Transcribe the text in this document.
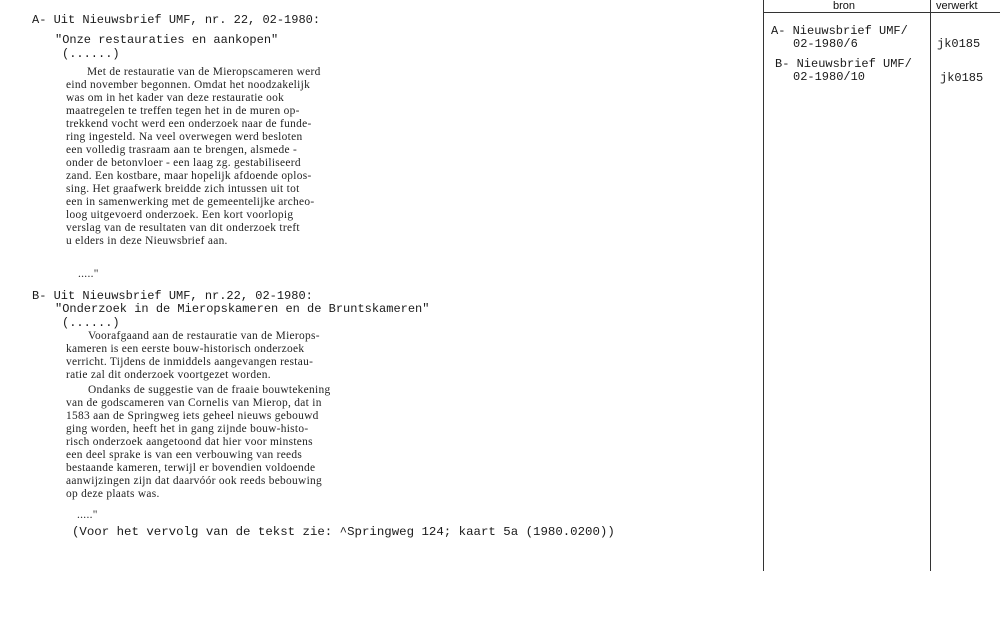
bron	verwerkt
A- Nieuwsbrief UMF/
02-1980/6	jk0185
B- Nieuwsbrief UMF/
02-1980/10	jk0185
A- Uit Nieuwsbrief UMF, nr. 22, 02-1980:
"Onze restauraties en aankopen"
(......)
Met de restauratie van de Mieropscameren werd
eind november begonnen. Omdat het noodzakelijk
was om in het kader van deze restauratie ook
maatregelen te treffen tegen het in de muren op-
trekkend vocht werd een onderzoek naar de funde-
ring ingesteld. Na veel overwegen werd besloten
een volledig trasraam aan te brengen, alsmede -
onder de betonvloer - een laag zg. gestabiliseerd
zand. Een kostbare, maar hopelijk afdoende oplos-
sing. Het graafwerk breidde zich intussen uit tot
een in samenwerking met de gemeentelijke archeo-
loog uitgevoerd onderzoek. Een kort voorlopig
verslag van de resultaten van dit onderzoek treft
u elders in deze Nieuwsbrief aan.
....."
B- Uit Nieuwsbrief UMF, nr.22, 02-1980:
"Onderzoek in de Mieropskameren en de Bruntskameren"
(......)
Voorafgaand aan de restauratie van de Mierops-
kameren is een eerste bouw-historisch onderzoek
verricht. Tijdens de inmiddels aangevangen restau-
ratie zal dit onderzoek voortgezet worden.
Ondanks de suggestie van de fraaie bouwtekening
van de godscameren van Cornelis van Mierop, dat in
1583 aan de Springweg iets geheel nieuws gebouwd
ging worden, heeft het in gang zijnde bouw-histo-
risch onderzoek aangetoond dat hier voor minstens
een deel sprake is van een verbouwing van reeds
bestaande kameren, terwijl er bovendien voldoende
aanwijzingen zijn dat daarvóór ook reeds bebouwing
op deze plaats was.
....."
(Voor het vervolg van de tekst zie: ^Springweg 124; kaart 5a (1980.0200))
